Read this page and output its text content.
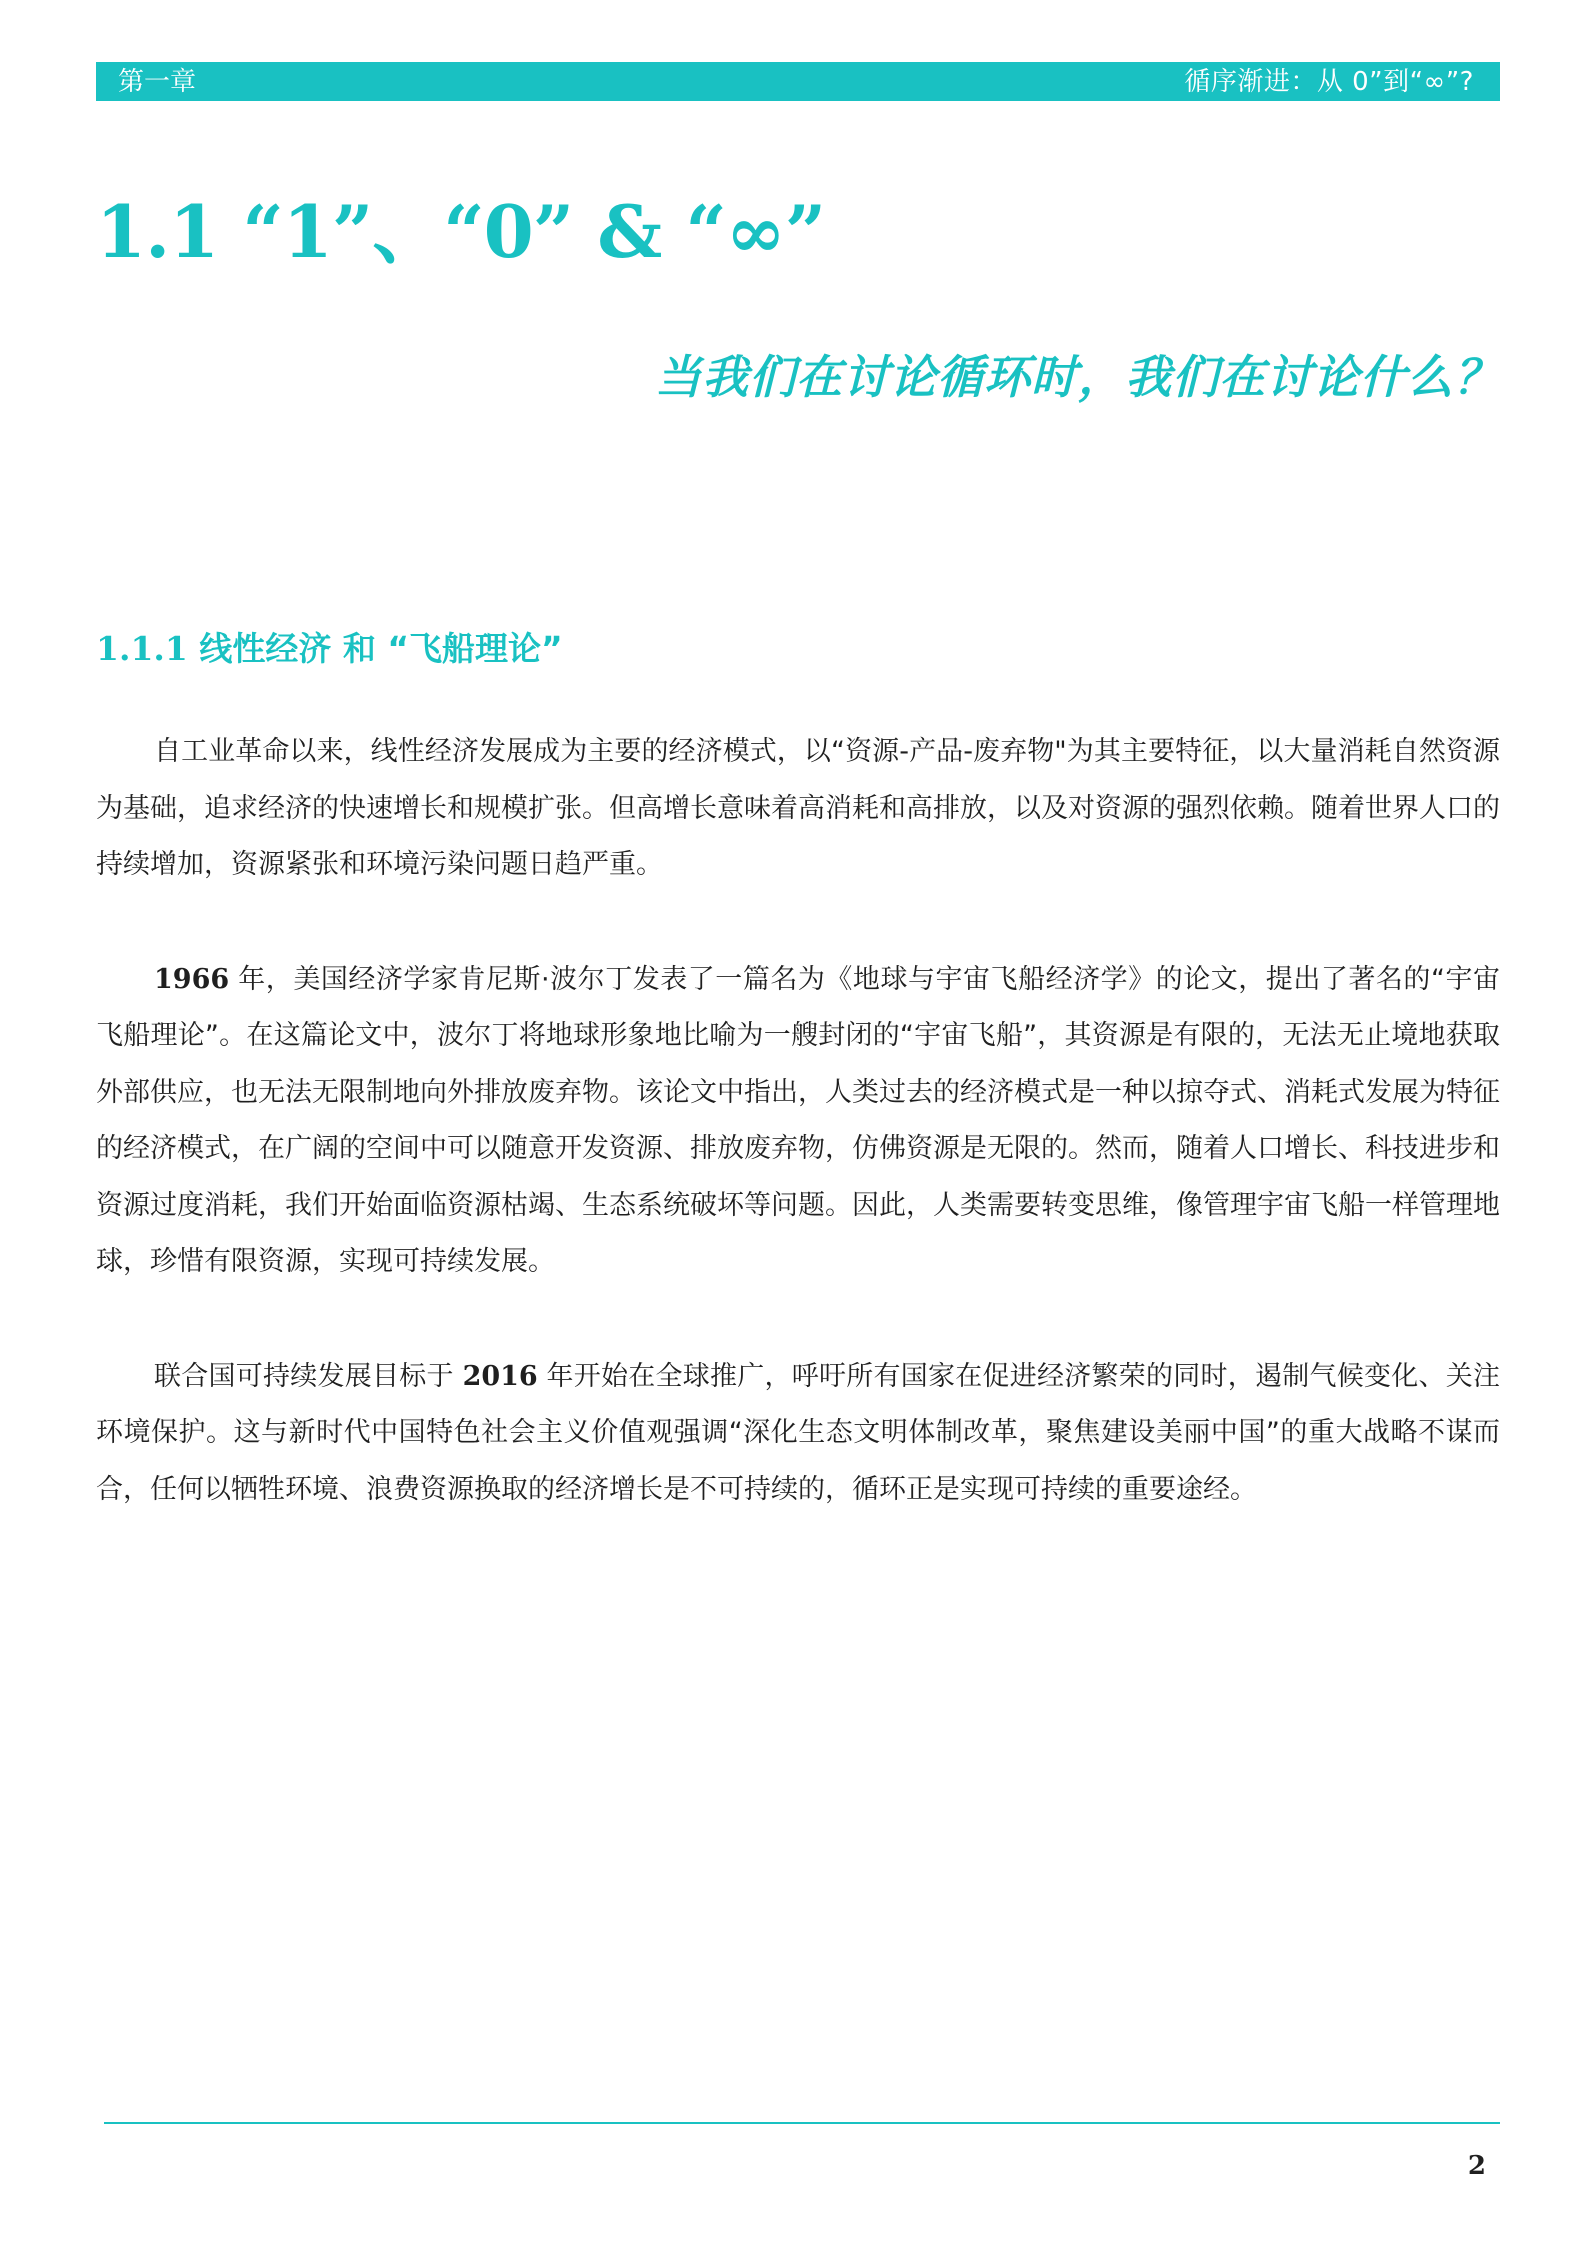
第一章	循序渐进：从 0”到“∞”?
1.1 “1”、“0” & “∞”
当我们在讨论循环时，我们在讨论什么？
1.1.1 线性经济 和 “飞船理论”

自工业革命以来，线性经济发展成为主要的经济模式，以“资源-产品-废弃物"为其主要特征，以大量消耗自然资源为基础，追求经济的快速增长和规模扩张。但高增长意味着高消耗和高排放，以及对资源的强烈依赖。随着世界人口的持续增加，资源紧张和环境污染问题日趋严重。

1966 年，美国经济学家肯尼斯·波尔丁发表了一篇名为《地球与宇宙飞船经济学》的论文，提出了著名的“宇宙飞船理论”。在这篇论文中，波尔丁将地球形象地比喻为一艘封闭的“宇宙飞船”，其资源是有限的，无法无止境地获取外部供应，也无法无限制地向外排放废弃物。该论文中指出，人类过去的经济模式是一种以掠夺式、消耗式发展为特征的经济模式，在广阔的空间中可以随意开发资源、排放废弃物，仿佛资源是无限的。然而，随着人口增长、科技进步和资源过度消耗，我们开始面临资源枯竭、生态系统破坏等问题。因此，人类需要转变思维，像管理宇宙飞船一样管理地球，珍惜有限资源，实现可持续发展。

联合国可持续发展目标于 2016 年开始在全球推广，呼吁所有国家在促进经济繁荣的同时，遏制气候变化、关注环境保护。这与新时代中国特色社会主义价值观强调“深化生态文明体制改革，聚焦建设美丽中国”的重大战略不谋而合，任何以牺牲环境、浪费资源换取的经济增长是不可持续的，循环正是实现可持续的重要途经。

2
